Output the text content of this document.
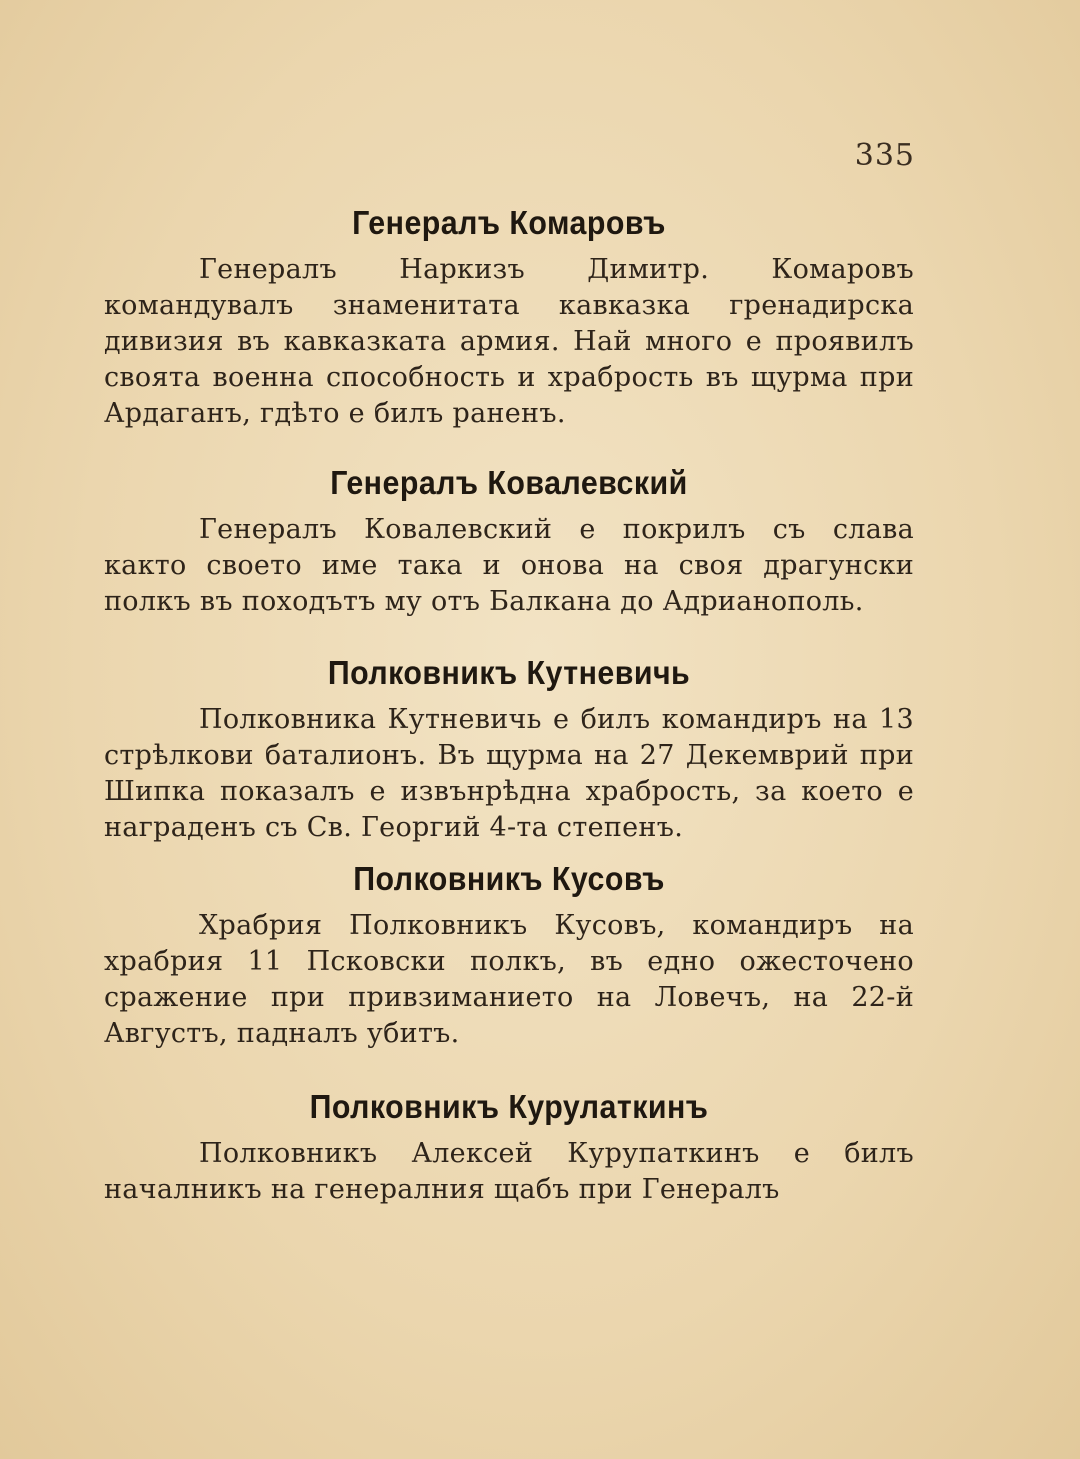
335
Генералъ Комаровъ

Генералъ Наркизъ Димитр. Комаровъ командувалъ знаменитата кавказка гренадирска дивизия въ кавказката армия. Най много е проявилъ своята военна способность и храбрость въ щурма при Ардаганъ, гдѣто е билъ раненъ.

Генералъ Ковалевский

Генералъ Ковалевский е покрилъ съ слава както своето име така и онова на своя драгунски полкъ въ походътъ му отъ Балкана до Адрианополь.

Полковникъ Кутневичь

Полковника Кутневичь е билъ командиръ на 13 стрѣлкови баталионъ. Въ щурма на 27 Декемврий при Шипка показалъ е извънрѣдна храбрость, за което е награденъ съ Св. Георгий 4-та степенъ.

Полковникъ Кусовъ

Храбрия Полковникъ Кусовъ, командиръ на храбрия 11 Псковски полкъ, въ едно ожесточено сражение при привзиманието на Ловечъ, на 22-й Августъ, падналъ убитъ.

Полковникъ Курулаткинъ

Полковникъ Алексей Курупаткинъ е билъ началникъ на генералния щабъ при Генералъ
